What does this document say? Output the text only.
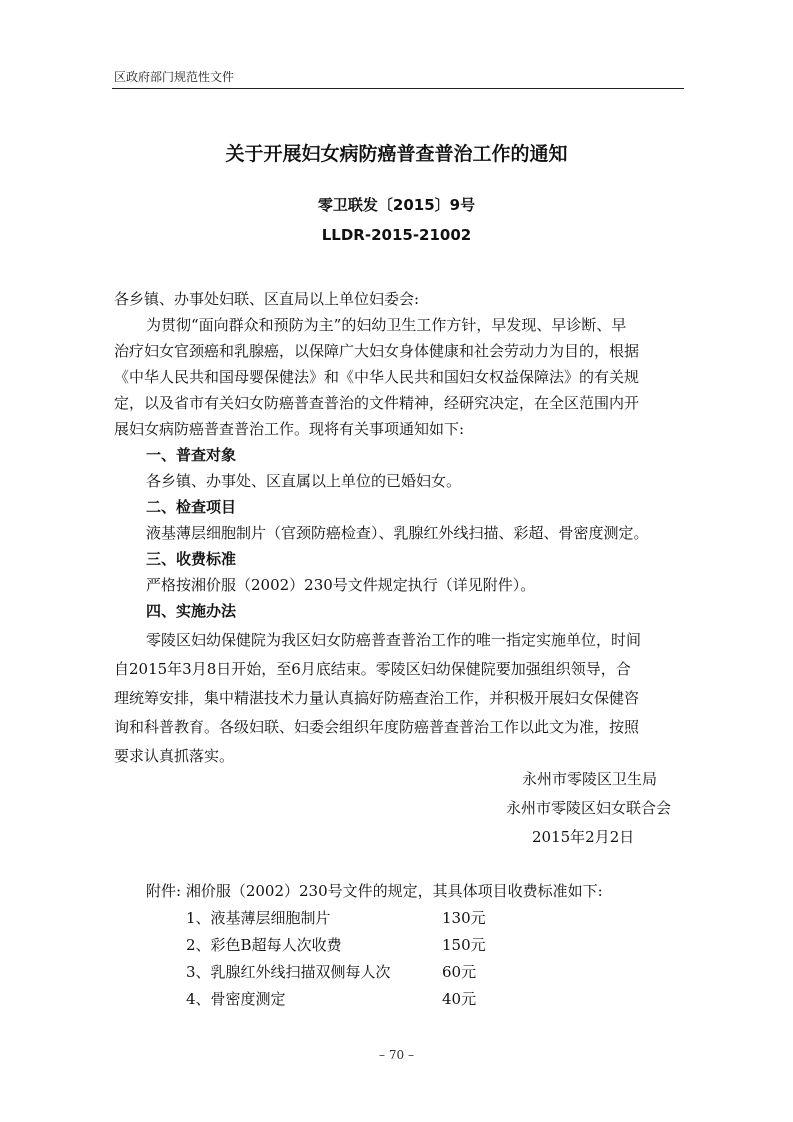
区政府部门规范性文件
关于开展妇女病防癌普查普治工作的通知
零卫联发〔2015〕9号
LLDR-2015-21002
各乡镇、办事处妇联、区直局以上单位妇委会:
为贯彻“面向群众和预防为主”的妇幼卫生工作方针，早发现、早诊断、早
治疗妇女官颈癌和乳腺癌，以保障广大妇女身体健康和社会劳动力为目的，根据
《中华人民共和国母婴保健法》和《中华人民共和国妇女权益保障法》的有关规
定，以及省市有关妇女防癌普查普治的文件精神，经研究决定，在全区范围内开
展妇女病防癌普查普治工作。现将有关事项通知如下:
一、普查对象
各乡镇、办事处、区直属以上单位的已婚妇女。
二、检查项目
液基薄层细胞制片（官颈防癌检查）、乳腺红外线扫描、彩超、骨密度测定。
三、收费标准
严格按湘价服（2002）230号文件规定执行（详见附件）。
四、实施办法
零陵区妇幼保健院为我区妇女防癌普查普治工作的唯一指定实施单位，时间
自2015年3月8日开始，至6月底结束。零陵区妇幼保健院要加强组织领导，合
理统筹安排，集中精湛技术力量认真搞好防癌查治工作，并积极开展妇女保健咨
询和科普教育。各级妇联、妇委会组织年度防癌普查普治工作以此文为准，按照
要求认真抓落实。
永州市零陵区卫生局
永州市零陵区妇女联合会
2015年2月2日
附件: 湘价服（2002）230号文件的规定，其具体项目收费标准如下:
1、液基薄层细胞制片	130元
2、彩色B超每人次收费	150元
3、乳腺红外线扫描双侧每人次	60元
4、骨密度测定	40元
– 70 –
